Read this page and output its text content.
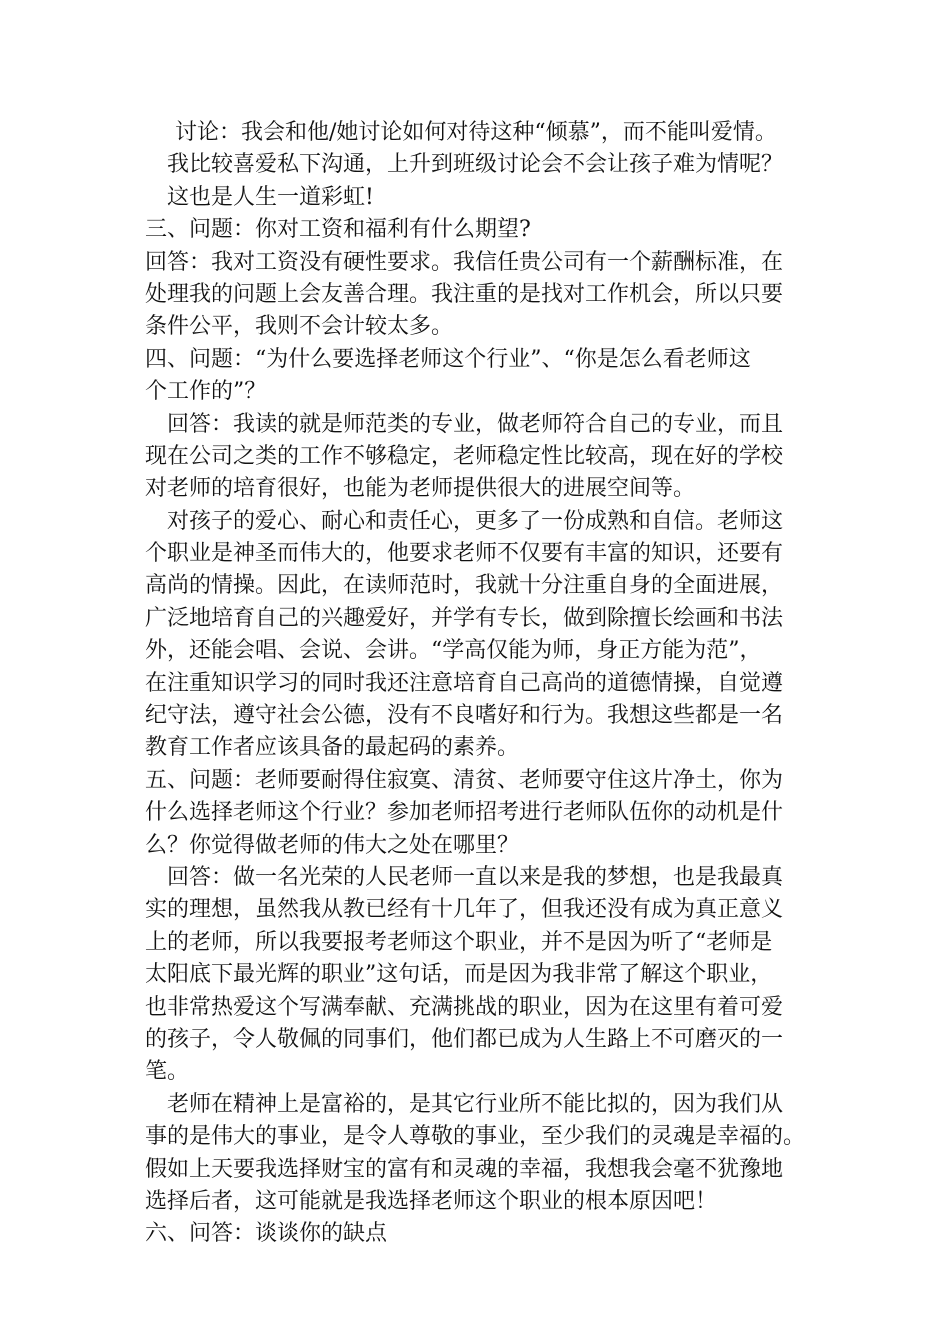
讨论：我会和他/她讨论如何对待这种“倾慕”，而不能叫爱情。
我比较喜爱私下沟通，上升到班级讨论会不会让孩子难为情呢？
这也是人生一道彩虹!
三、问题：你对工资和福利有什么期望?
回答：我对工资没有硬性要求。我信任贵公司有一个薪酬标准，在
处理我的问题上会友善合理。我注重的是找对工作机会，所以只要
条件公平，我则不会计较太多。
四、问题：“为什么要选择老师这个行业”、“你是怎么看老师这
个工作的”？
回答：我读的就是师范类的专业，做老师符合自己的专业，而且
现在公司之类的工作不够稳定，老师稳定性比较高，现在好的学校
对老师的培育很好，也能为老师提供很大的进展空间等。
对孩子的爱心、耐心和责任心，更多了一份成熟和自信。老师这
个职业是神圣而伟大的，他要求老师不仅要有丰富的知识，还要有
高尚的情操。因此，在读师范时，我就十分注重自身的全面进展，
广泛地培育自己的兴趣爱好，并学有专长，做到除擅长绘画和书法
外，还能会唱、会说、会讲。“学高仅能为师，身正方能为范”，
在注重知识学习的同时我还注意培育自己高尚的道德情操，自觉遵
纪守法，遵守社会公德，没有不良嗜好和行为。我想这些都是一名
教育工作者应该具备的最起码的素养。
五、问题：老师要耐得住寂寞、清贫、老师要守住这片净土，你为
什么选择老师这个行业？参加老师招考进行老师队伍你的动机是什
么？你觉得做老师的伟大之处在哪里？
回答：做一名光荣的人民老师一直以来是我的梦想，也是我最真
实的理想，虽然我从教已经有十几年了，但我还没有成为真正意义
上的老师，所以我要报考老师这个职业，并不是因为听了“老师是
太阳底下最光辉的职业”这句话，而是因为我非常了解这个职业，
也非常热爱这个写满奉献、充满挑战的职业，因为在这里有着可爱
的孩子，令人敬佩的同事们，他们都已成为人生路上不可磨灭的一
笔。
老师在精神上是富裕的，是其它行业所不能比拟的，因为我们从
事的是伟大的事业，是令人尊敬的事业，至少我们的灵魂是幸福的。
假如上天要我选择财宝的富有和灵魂的幸福，我想我会毫不犹豫地
选择后者，这可能就是我选择老师这个职业的根本原因吧！
六、问答：谈谈你的缺点
